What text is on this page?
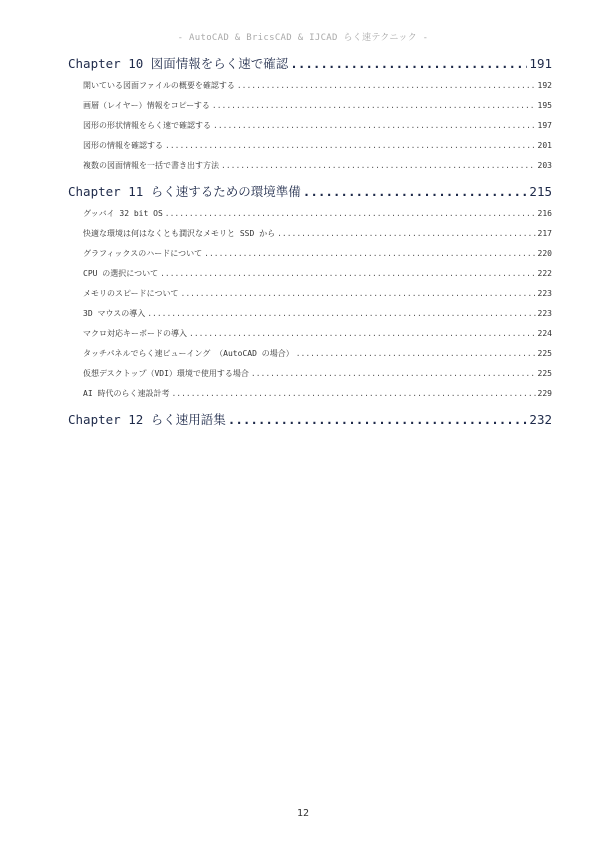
- AutoCAD & BricsCAD & IJCAD らく速テクニック -
Chapter 10 図面情報をらく速で確認 .....	191
開いている図面ファイルの概要を確認する .....	192
画層（レイヤー）情報をコピーする .....	195
図形の形状情報をらく速で確認する .....	197
図形の情報を確認する .....	201
複数の図面情報を一括で書き出す方法 .....	203
Chapter 11 らく速するための環境準備 .....	215
グッバイ 32 bit OS .....	216
快適な環境は何はなくとも潤沢なメモリと SSD から .....	217
グラフィックスのハードについて .....	220
CPU の選択について .....	222
メモリのスピードについて .....	223
3D マウスの導入 .....	223
マクロ対応キーボードの導入 .....	224
タッチパネルでらく速ビューイング （AutoCAD の場合） .....	225
仮想デスクトップ（VDI）環境で使用する場合 .....	225
AI 時代のらく速設計考 .....	229
Chapter 12 らく速用語集 .....	232
12
